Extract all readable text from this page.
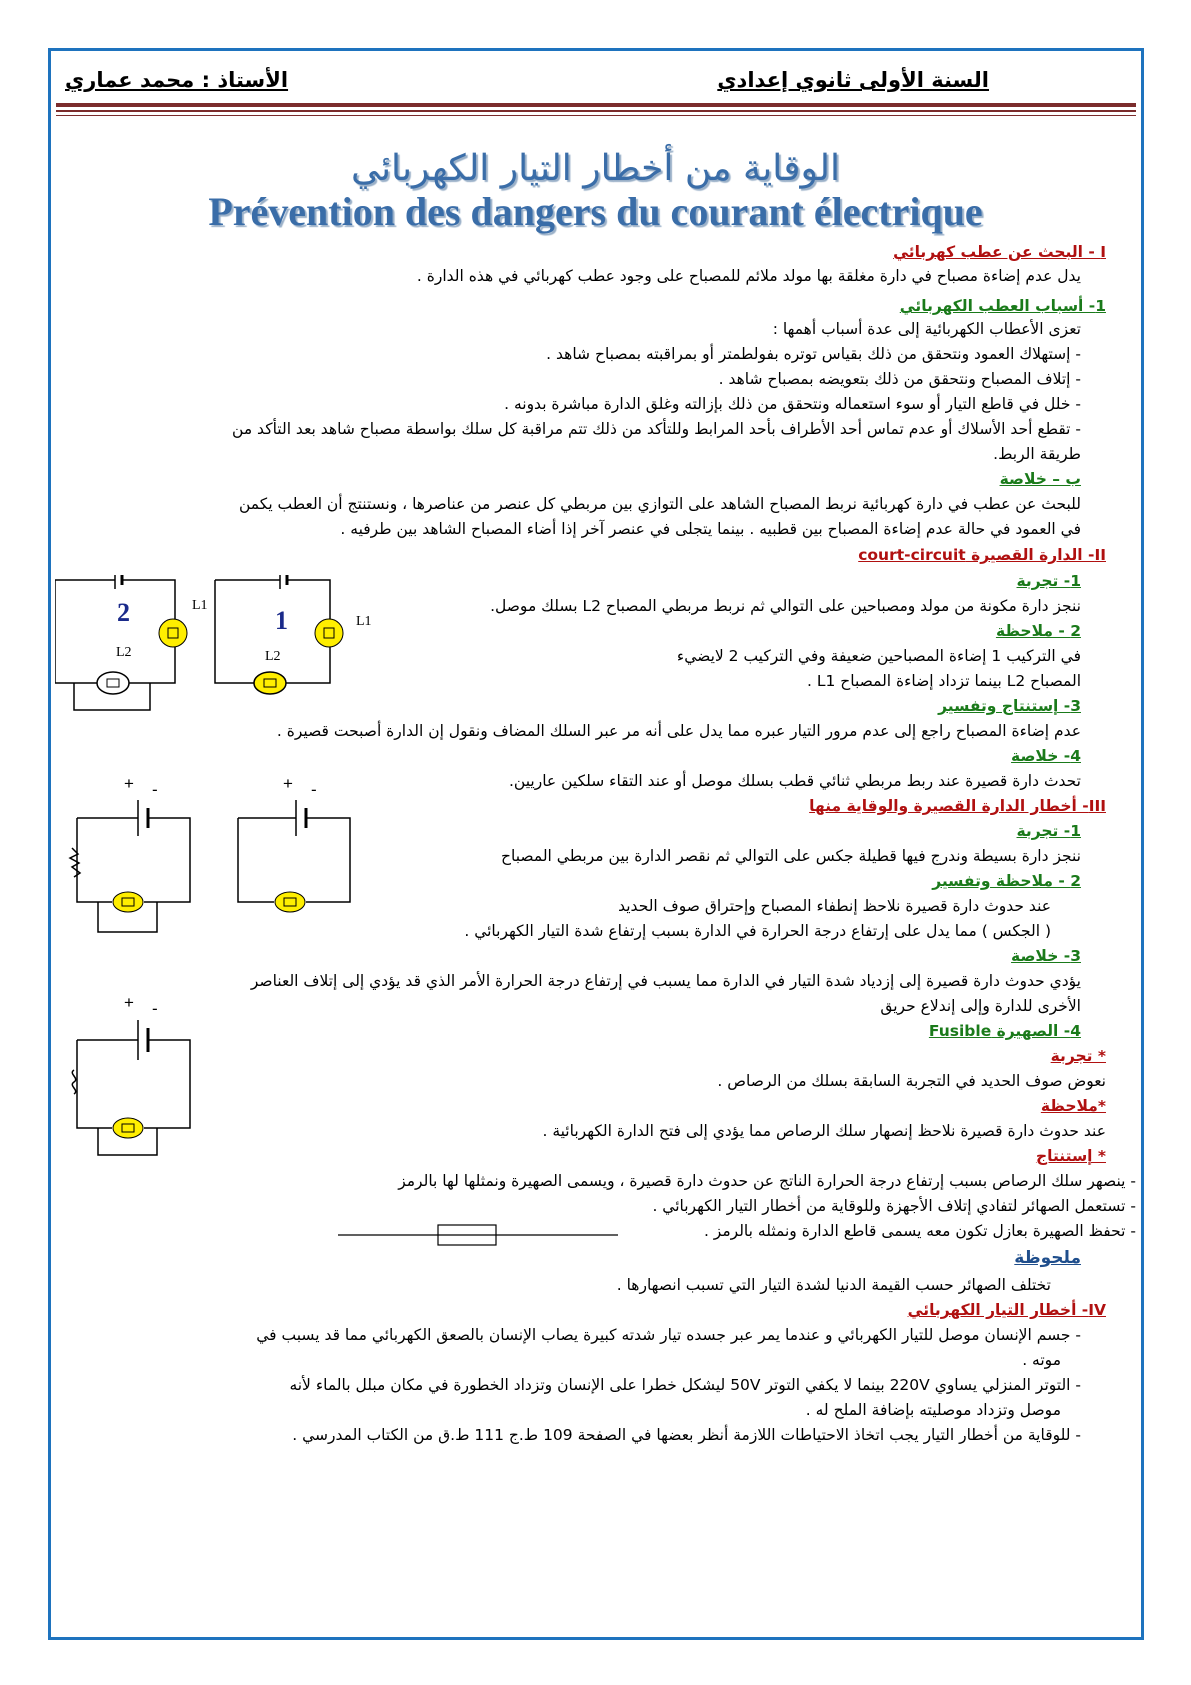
السنة الأولى ثانوي إعدادي
الأستاذ : محمد عماري
الوقاية من أخطار التيار الكهربائي
Prévention des dangers du courant électrique
I - البحث عن عطب كهربائي
يدل عدم إضاءة مصباح في دارة مغلقة بها مولد ملائم للمصباح على وجود عطب كهربائي في هذه الدارة .
1- أسباب العطب الكهربائي
تعزى الأعطاب الكهربائية إلى عدة أسباب أهمها :
- إستهلاك العمود ونتحقق من ذلك بقياس توتره بفولطمتر أو بمراقبته بمصباح شاهد .
- إتلاف المصباح ونتحقق من ذلك بتعويضه بمصباح شاهد .
- خلل في قاطع التيار أو سوء استعماله ونتحقق من ذلك بإزالته وغلق الدارة مباشرة بدونه .
- تقطع أحد الأسلاك أو عدم تماس أحد الأطراف بأحد المرابط وللتأكد من ذلك تتم مراقبة كل سلك بواسطة مصباح شاهد بعد التأكد من
طريقة الربط.
ب – خلاصة
للبحث عن عطب في دارة كهربائية نربط المصباح الشاهد على التوازي بين مربطي كل عنصر من عناصرها ، ونستنتج أن العطب يكمن
في العمود في حالة عدم إضاءة المصباح بين قطبيه . بينما يتجلى في عنصر آخر إذا أضاء المصباح الشاهد بين طرفيه .
II- الدارة القصيرة court-circuit
1- تجربة
ننجز دارة مكونة من مولد ومصباحين على التوالي ثم نربط مربطي المصباح L2 بسلك موصل.
2 - ملاحظة
في التركيب 1 إضاءة المصباحين ضعيفة وفي التركيب 2 لايضيء
المصباح L2 بينما تزداد إضاءة المصباح L1 .
3- إستنتاج وتفسير
عدم إضاءة المصباح راجع إلى عدم مرور التيار عبره مما يدل على أنه مر عبر السلك المضاف ونقول إن الدارة أصبحت قصيرة .
4- خلاصة
تحدث دارة قصيرة عند ربط مربطي ثنائي قطب بسلك موصل أو عند التقاء سلكين عاريين.
III- أخطار الدارة القصيرة والوقاية منها
1- تجربة
ننجز دارة بسيطة وندرج فيها قطيلة جكس على التوالي ثم نقصر الدارة بين مربطي المصباح
2 - ملاحظة وتفسير
عند حدوث دارة قصيرة نلاحظ إنطفاء المصباح وإحتراق صوف الحديد
( الجكس ) مما يدل على إرتفاع درجة الحرارة في الدارة بسبب إرتفاع شدة التيار الكهربائي .
3- خلاصة
يؤدي حدوث دارة قصيرة إلى إزدياد شدة التيار في الدارة مما يسبب في إرتفاع درجة الحرارة الأمر الذي قد يؤدي إلى إتلاف العناصر
الأخرى للدارة وإلى إندلاع حريق
4- الصهيرة Fusible
* تجربة
نعوض صوف الحديد في التجربة السابقة بسلك من الرصاص .
*ملاحظة
عند حدوث دارة قصيرة نلاحظ إنصهار سلك الرصاص مما يؤدي إلى فتح الدارة الكهربائية .
* إستنتاج
- ينصهر سلك الرصاص بسبب إرتفاع درجة الحرارة الناتج عن حدوث دارة قصيرة ، ويسمى الصهيرة ونمثلها لها بالرمز
- تستعمل الصهائر لتفادي إتلاف الأجهزة وللوقاية من أخطار التيار الكهربائي .
- تحفظ الصهيرة بعازل تكون معه يسمى قاطع الدارة ونمثله بالرمز .
ملحوظة
تختلف الصهائر حسب القيمة الدنيا لشدة التيار التي تسبب انصهارها .
IV- أخطار التيار الكهربائي
- جسم الإنسان موصل للتيار الكهربائي و عندما يمر عبر جسده تيار شدته كبيرة يصاب الإنسان بالصعق الكهربائي مما قد يسبب في
موته .
- التوتر المنزلي يساوي 220V بينما لا يكفي التوتر 50V ليشكل خطرا على الإنسان وتزداد الخطورة في مكان مبلل بالماء لأنه
موصل وتزداد موصليته بإضافة الملح له .
- للوقاية من أخطار التيار يجب اتخاذ الاحتياطات اللازمة أنظر بعضها في الصفحة 109 ط.ج 111 ط.ق من الكتاب المدرسي .
2	1
L1
L2
L1
L2
+ -	+ -
+ -
